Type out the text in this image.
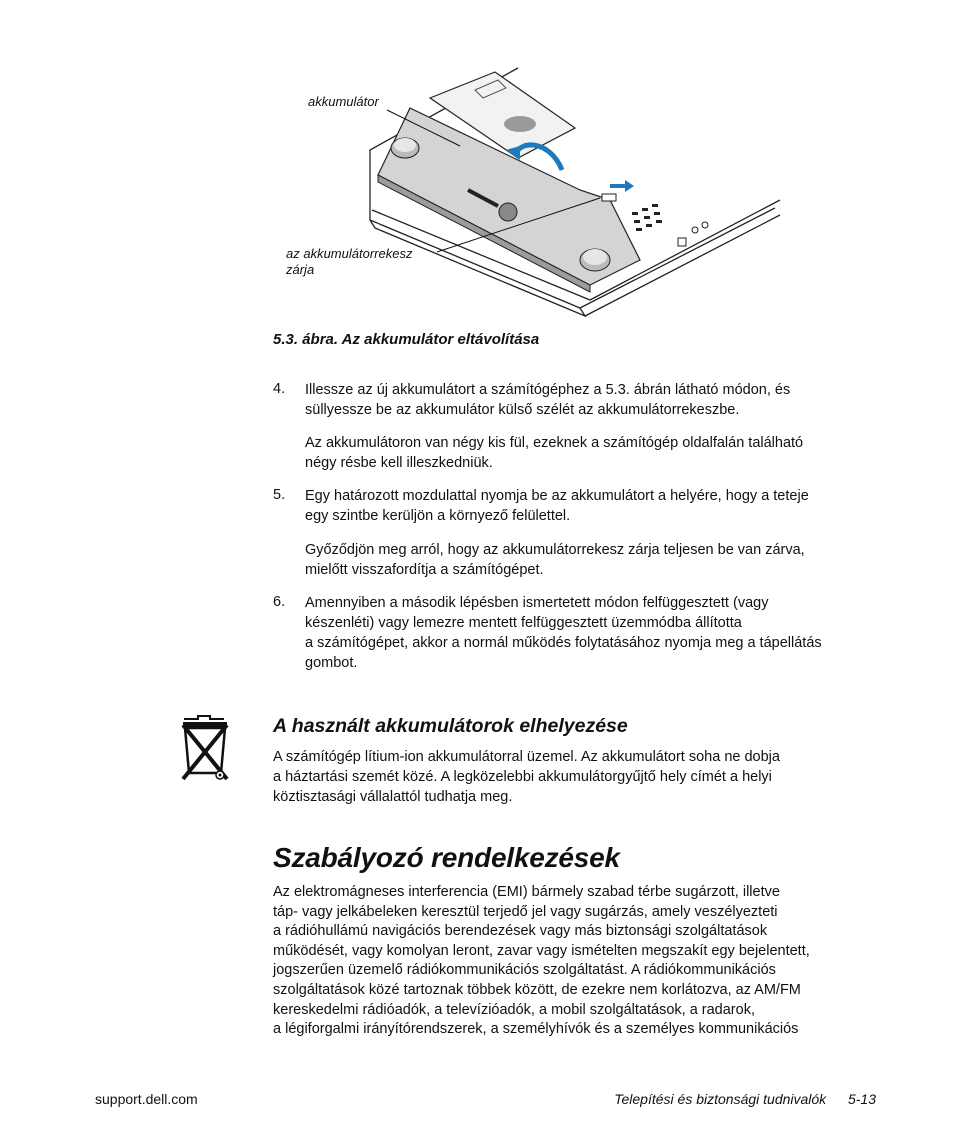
akkumulátor
az akkumulátorrekesz
zárja
5.3. ábra. Az akkumulátor eltávolítása
4. Illessze az új akkumulátort a számítógéphez a 5.3. ábrán látható módon, és
süllyessze be az akkumulátor külső szélét az akkumulátorrekeszbe.
Az akkumulátoron van négy kis fül, ezeknek a számítógép oldalfalán található
négy résbe kell illeszkedniük.
5. Egy határozott mozdulattal nyomja be az akkumulátort a helyére, hogy a teteje
egy szintbe kerüljön a környező felülettel.
Győződjön meg arról, hogy az akkumulátorrekesz zárja teljesen be van zárva,
mielőtt visszafordítja a számítógépet.
6. Amennyiben a második lépésben ismertetett módon felfüggesztett (vagy
készenléti) vagy lemezre mentett felfüggesztett üzemmódba állította
a számítógépet, akkor a normál működés folytatásához nyomja meg a tápellátás
gombot.
A használt akkumulátorok elhelyezése
A számítógép lítium-ion akkumulátorral üzemel. Az akkumulátort soha ne dobja
a háztartási szemét közé. A legközelebbi akkumulátorgyűjtő hely címét a helyi
köztisztasági vállalattól tudhatja meg.
Szabályozó rendelkezések
Az elektromágneses interferencia (EMI) bármely szabad térbe sugárzott, illetve
táp- vagy jelkábeleken keresztül terjedő jel vagy sugárzás, amely veszélyezteti
a rádióhullámú navigációs berendezések vagy más biztonsági szolgáltatások
működését, vagy komolyan leront, zavar vagy ismételten megszakít egy bejelentett,
jogszerűen üzemelő rádiókommunikációs szolgáltatást. A rádiókommunikációs
szolgáltatások közé tartoznak többek között, de ezekre nem korlátozva, az AM/FM
kereskedelmi rádióadók, a televízióadók, a mobil szolgáltatások, a radarok,
a légiforgalmi irányítórendszerek, a személyhívók és a személyes kommunikációs
support.dell.com	Telepítési és biztonsági tudnivalók 5-13
